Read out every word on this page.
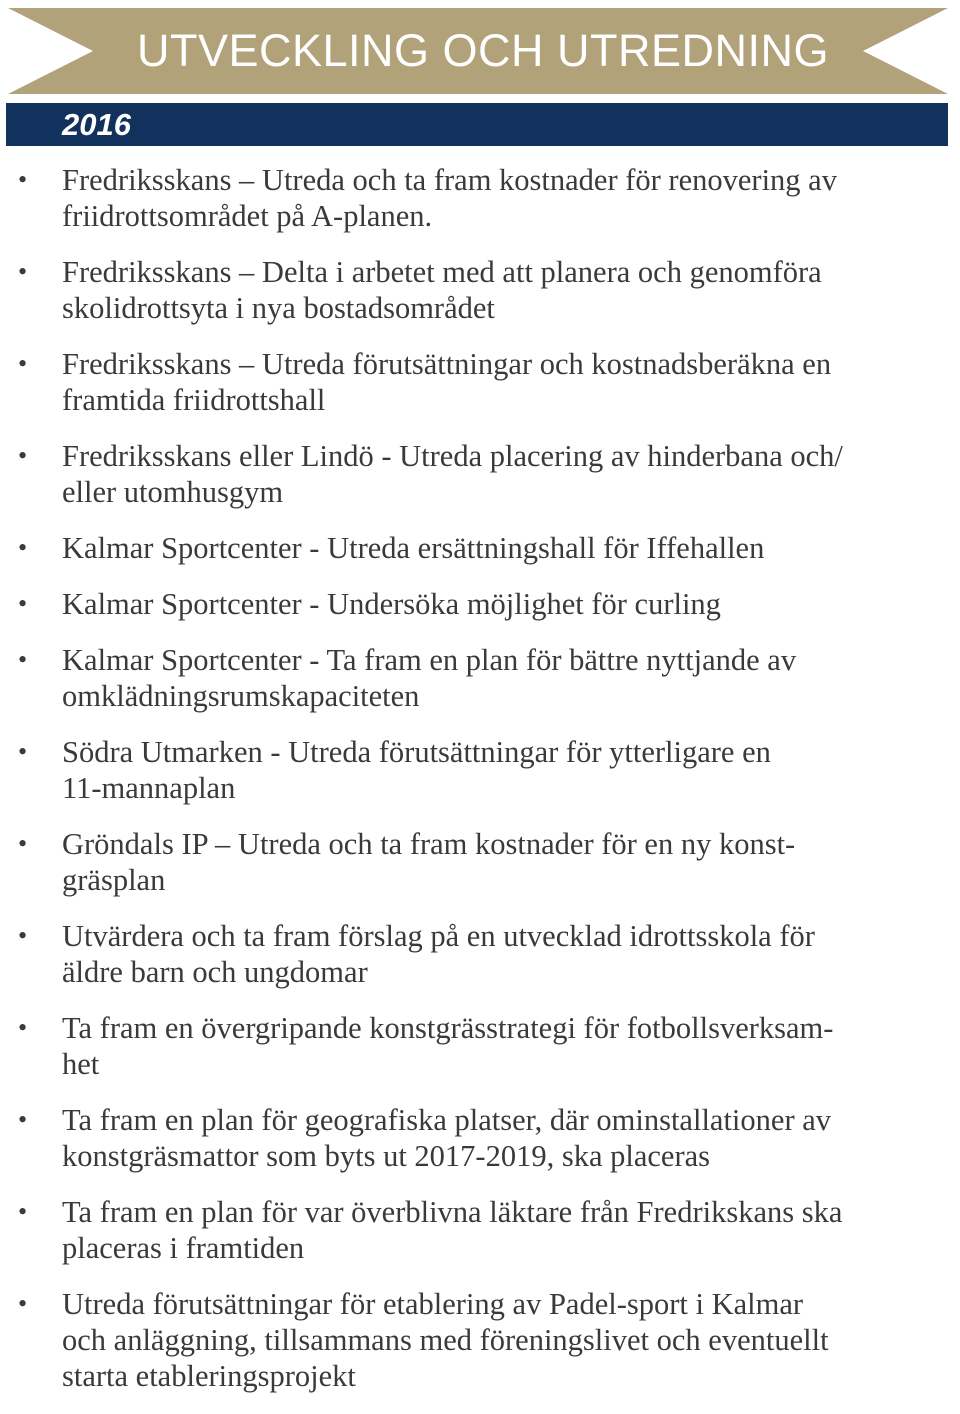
UTVECKLING OCH UTREDNING
2016
• Fredriksskans – Utreda och ta fram kostnader för renovering av
friidrottsområdet på A-planen.
• Fredriksskans – Delta i arbetet med att planera och genomföra
skolidrottsyta i nya bostadsområdet
• Fredriksskans – Utreda förutsättningar och kostnadsberäkna en
framtida friidrottshall
• Fredriksskans eller Lindö - Utreda placering av hinderbana och/
eller utomhusgym
• Kalmar Sportcenter - Utreda ersättningshall för Iffehallen
• Kalmar Sportcenter - Undersöka möjlighet för curling
• Kalmar Sportcenter - Ta fram en plan för bättre nyttjande av
omklädningsrumskapaciteten
• Södra Utmarken - Utreda förutsättningar för ytterligare en
11-mannaplan
• Gröndals IP – Utreda och ta fram kostnader för en ny konst-
gräsplan
• Utvärdera och ta fram förslag på en utvecklad idrottsskola för
äldre barn och ungdomar
• Ta fram en övergripande konstgrässtrategi för fotbollsverksam-
het
• Ta fram en plan för geografiska platser, där ominstallationer av
konstgräsmattor som byts ut 2017-2019, ska placeras
• Ta fram en plan för var överblivna läktare från Fredrikskans ska
placeras i framtiden
• Utreda förutsättningar för etablering av Padel-sport i Kalmar
och anläggning, tillsammans med föreningslivet och eventuellt
starta etableringsprojekt
